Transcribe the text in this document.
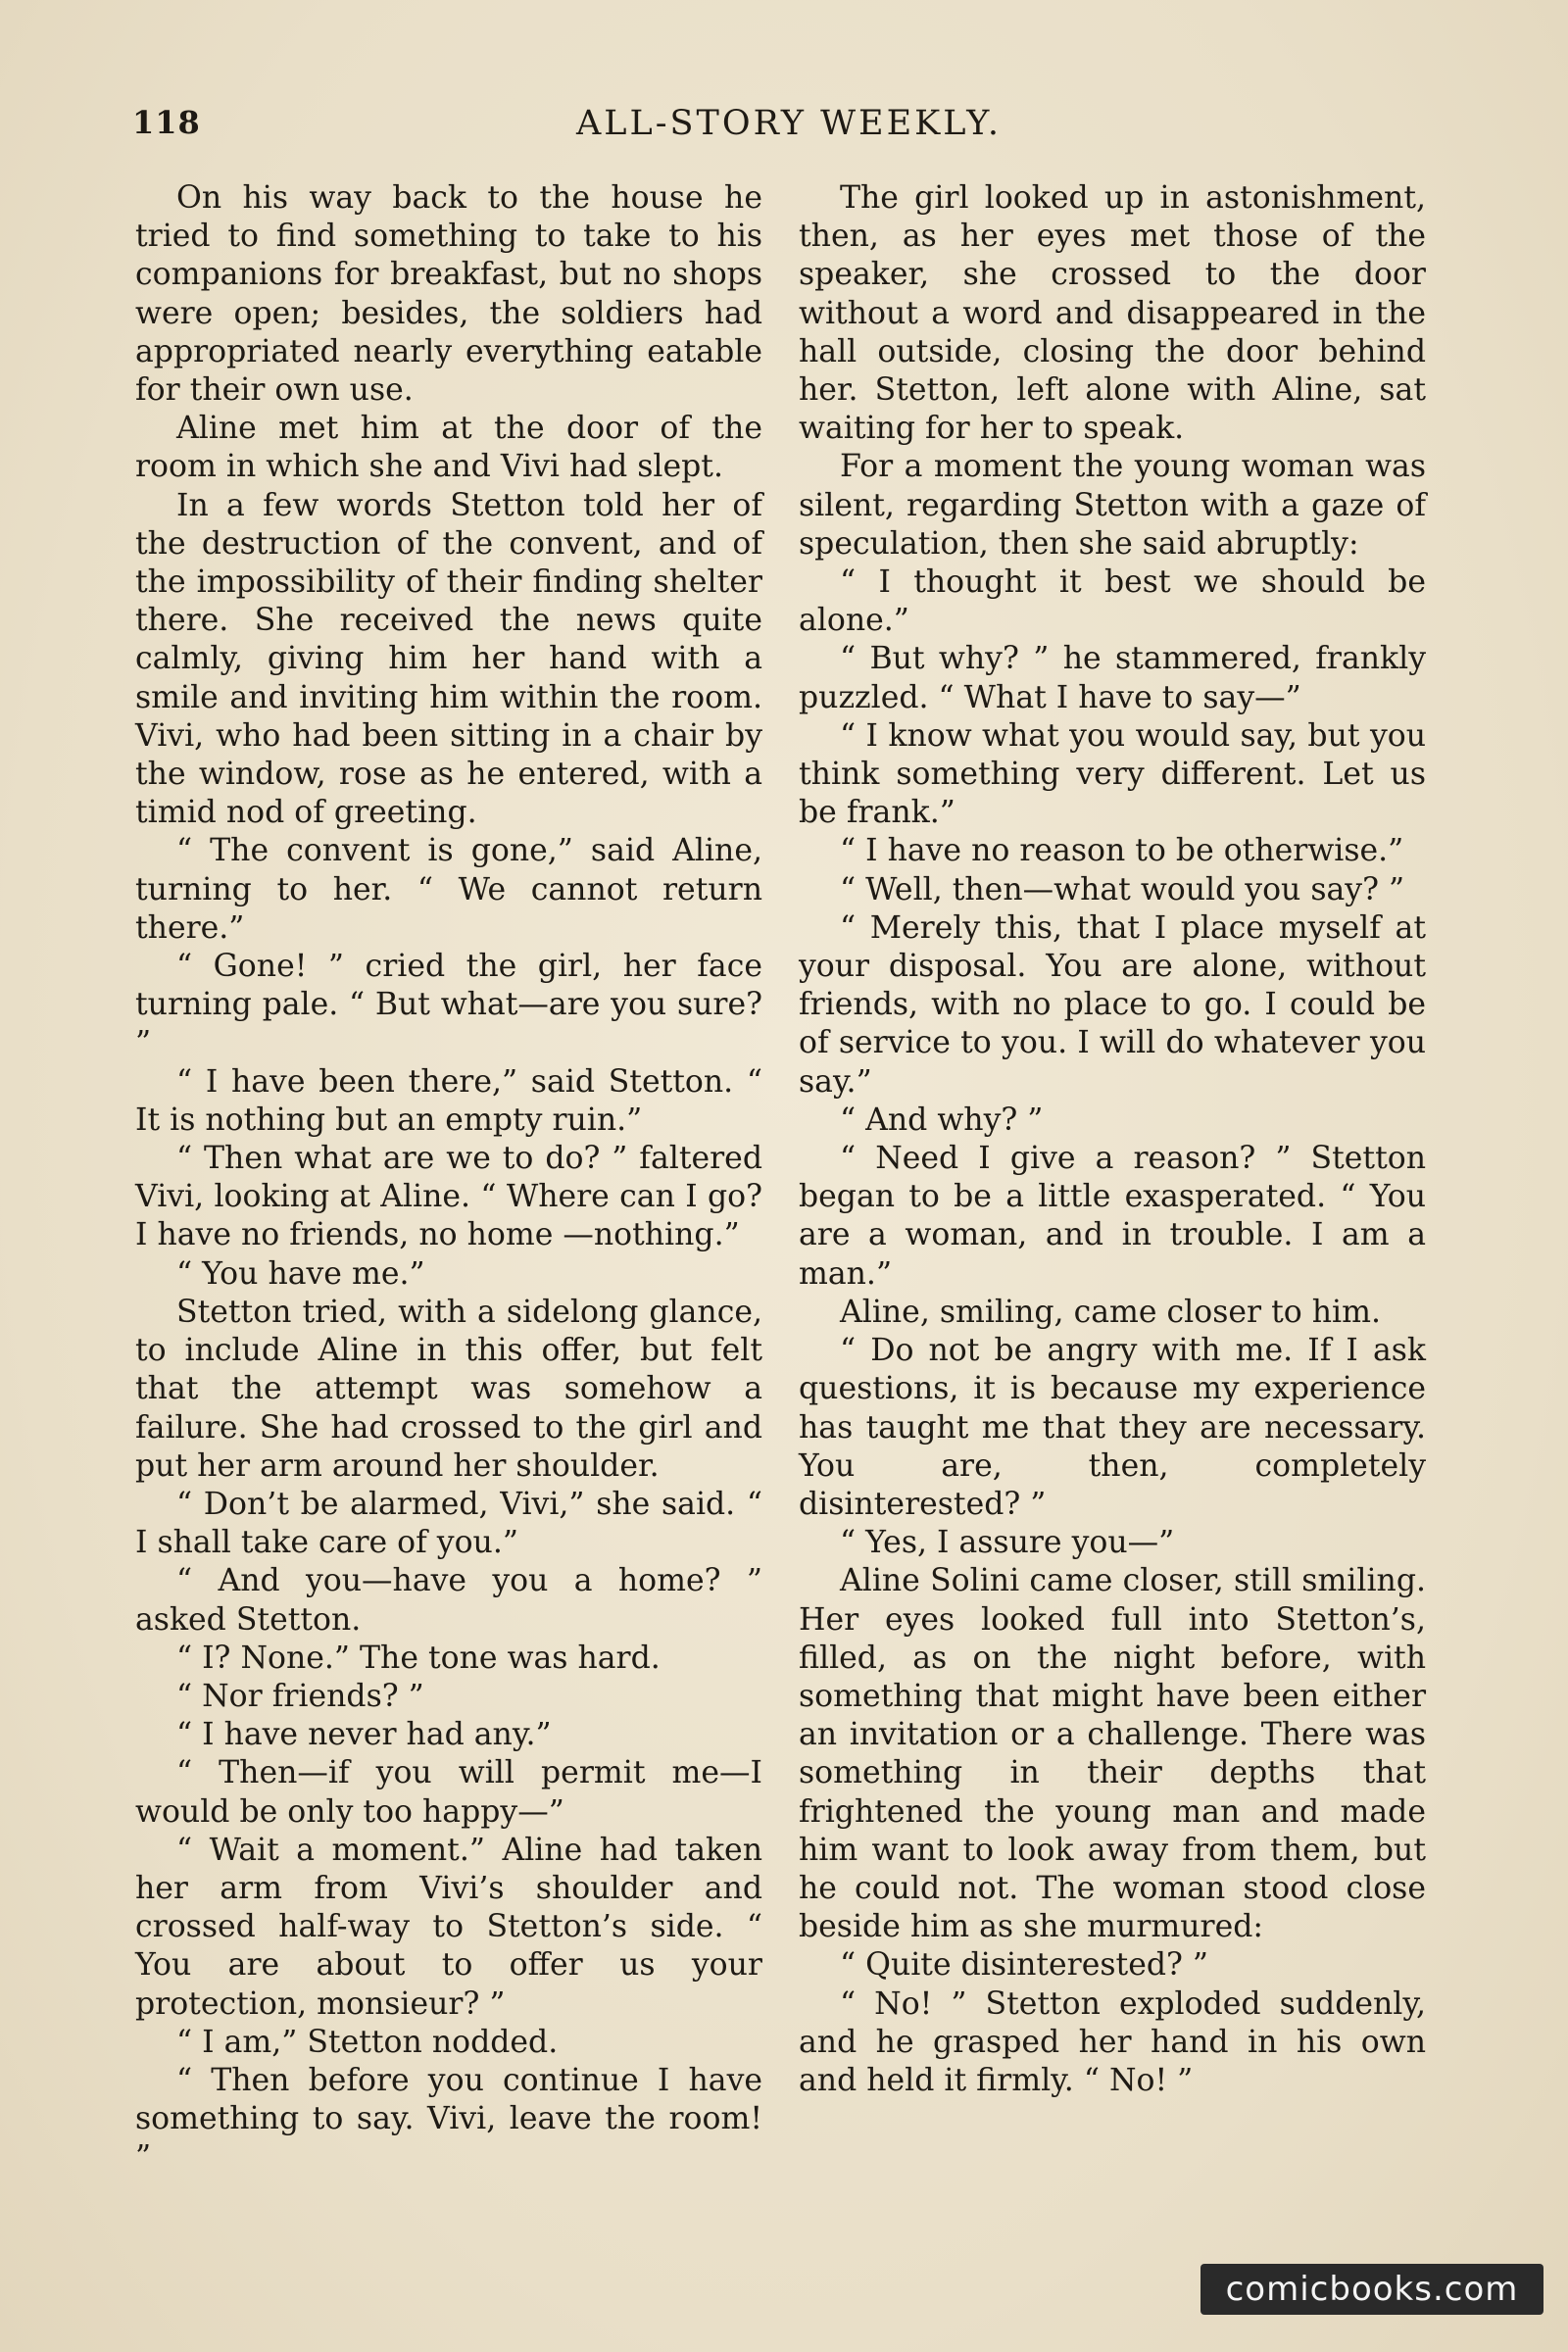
118	ALL-STORY WEEKLY.

On his way back to the house he tried to find something to take to his companions for breakfast, but no shops were open; besides, the soldiers had appropriated nearly everything eatable for their own use.

Aline met him at the door of the room in which she and Vivi had slept.

In a few words Stetton told her of the destruction of the convent, and of the impossibility of their finding shelter there. She received the news quite calmly, giving him her hand with a smile and inviting him within the room. Vivi, who had been sitting in a chair by the window, rose as he entered, with a timid nod of greeting.

“ The convent is gone,” said Aline, turning to her. “ We cannot return there.”

“ Gone! ” cried the girl, her face turning pale. “ But what—are you sure? ”

“ I have been there,” said Stetton. “ It is nothing but an empty ruin.”

“ Then what are we to do? ” faltered Vivi, looking at Aline. “ Where can I go? I have no friends, no home —nothing.”

“ You have me.”

Stetton tried, with a sidelong glance, to include Aline in this offer, but felt that the attempt was somehow a failure. She had crossed to the girl and put her arm around her shoulder.

“ Don’t be alarmed, Vivi,” she said. “ I shall take care of you.”

“ And you—have you a home? ” asked Stetton.

“ I? None.” The tone was hard.

“ Nor friends? ”

“ I have never had any.”

“ Then—if you will permit me—I would be only too happy—”

“ Wait a moment.” Aline had taken her arm from Vivi’s shoulder and crossed half-way to Stetton’s side. “ You are about to offer us your protection, monsieur? ”

“ I am,” Stetton nodded.

“ Then before you continue I have something to say. Vivi, leave the room! ”

The girl looked up in astonishment, then, as her eyes met those of the speaker, she crossed to the door without a word and disappeared in the hall outside, closing the door behind her. Stetton, left alone with Aline, sat waiting for her to speak.

For a moment the young woman was silent, regarding Stetton with a gaze of speculation, then she said abruptly:

“ I thought it best we should be alone.”

“ But why? ” he stammered, frankly puzzled. “ What I have to say—”

“ I know what you would say, but you think something very different. Let us be frank.”

“ I have no reason to be otherwise.”

“ Well, then—what would you say? ”

“ Merely this, that I place myself at your disposal. You are alone, without friends, with no place to go. I could be of service to you. I will do whatever you say.”

“ And why? ”

“ Need I give a reason? ” Stetton began to be a little exasperated. “ You are a woman, and in trouble. I am a man.”

Aline, smiling, came closer to him.

“ Do not be angry with me. If I ask questions, it is because my experience has taught me that they are necessary. You are, then, completely disinterested? ”

“ Yes, I assure you—”

Aline Solini came closer, still smiling. Her eyes looked full into Stetton’s, filled, as on the night before, with something that might have been either an invitation or a challenge. There was something in their depths that frightened the young man and made him want to look away from them, but he could not. The woman stood close beside him as she murmured:

“ Quite disinterested? ”

“ No! ” Stetton exploded suddenly, and he grasped her hand in his own and held it firmly. “ No! ”

comicbooks.com
